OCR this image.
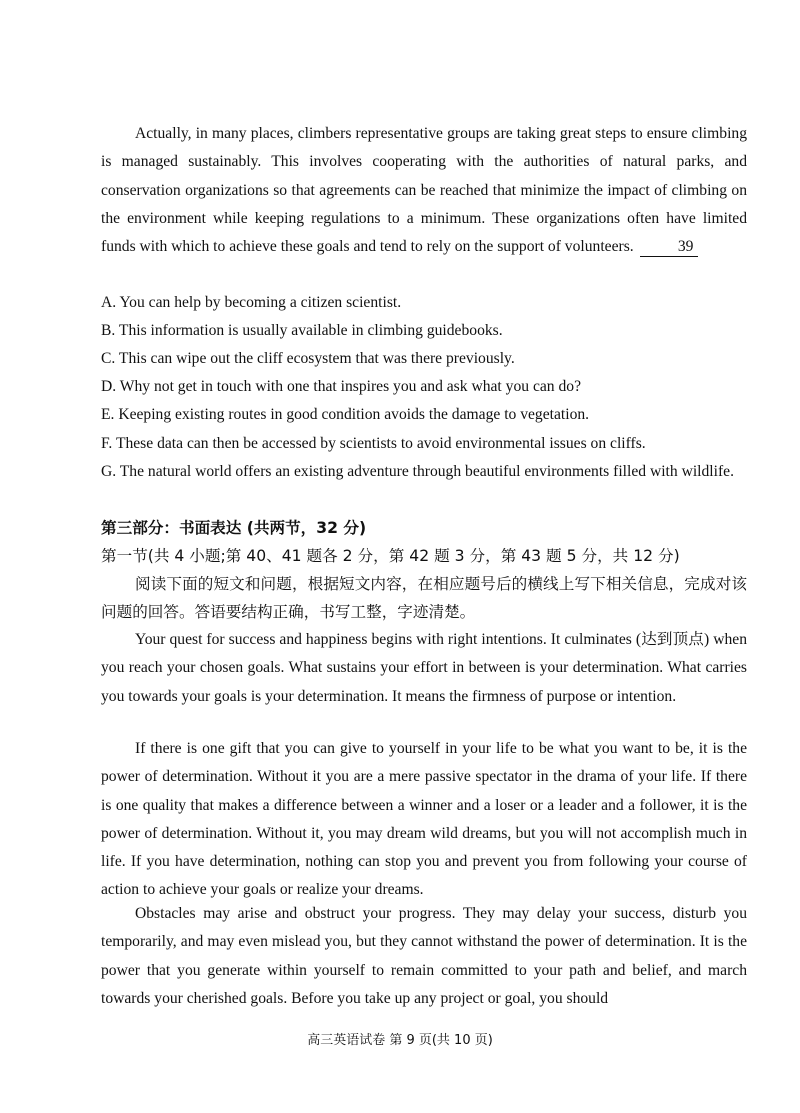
Actually, in many places, climbers representative groups are taking great steps to ensure climbing is managed sustainably. This involves cooperating with the authorities of natural parks, and conservation organizations so that agreements can be reached that minimize the impact of climbing on the environment while keeping regulations to a minimum. These organizations often have limited funds with which to achieve these goals and tend to rely on the support of volunteers.	39

A. You can help by becoming a citizen scientist.

B. This information is usually available in climbing guidebooks.

C. This can wipe out the cliff ecosystem that was there previously.

D. Why not get in touch with one that inspires you and ask what you can do?

E. Keeping existing routes in good condition avoids the damage to vegetation.

F. These data can then be accessed by scientists to avoid environmental issues on cliffs.

G. The natural world offers an existing adventure through beautiful environments filled with wildlife.

第三部分：书面表达 (共两节，32 分)

第一节(共 4 小题;第 40、41 题各 2 分，第 42 题 3 分，第 43 题 5 分，共 12 分)

阅读下面的短文和问题，根据短文内容，在相应题号后的横线上写下相关信息，完成对该问题的回答。答语要结构正确，书写工整，字迹清楚。

Your quest for success and happiness begins with right intentions. It culminates (达到顶点) when you reach your chosen goals. What sustains your effort in between is your determination. What carries you towards your goals is your determination. It means the firmness of purpose or intention.

If there is one gift that you can give to yourself in your life to be what you want to be, it is the power of determination. Without it you are a mere passive spectator in the drama of your life. If there is one quality that makes a difference between a winner and a loser or a leader and a follower, it is the power of determination. Without it, you may dream wild dreams, but you will not accomplish much in life. If you have determination, nothing can stop you and prevent you from following your course of action to achieve your goals or realize your dreams.

Obstacles may arise and obstruct your progress. They may delay your success, disturb you temporarily, and may even mislead you, but they cannot withstand the power of determination. It is the power that you generate within yourself to remain committed to your path and belief, and march towards your cherished goals. Before you take up any project or goal, you should

高三英语试卷 第 9 页(共 10 页)
